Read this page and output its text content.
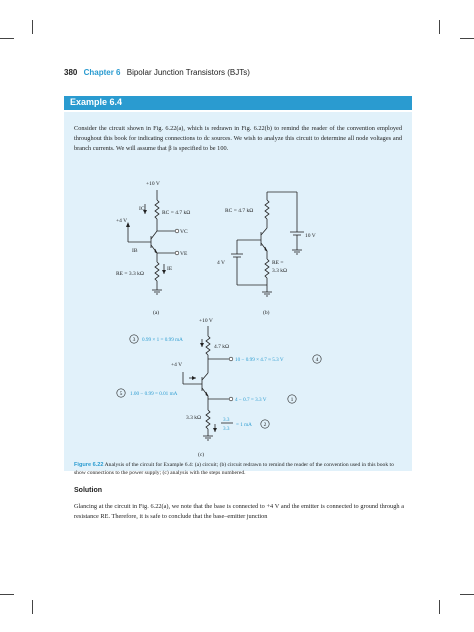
380 Chapter 6 Bipolar Junction Transistors (BJTs)
Example 6.4
Consider the circuit shown in Fig. 6.22(a), which is redrawn in Fig. 6.22(b) to remind the reader of the convention employed throughout this book for indicating connections to dc sources. We wish to analyze this circuit to determine all node voltages and branch currents. We will assume that β is specified to be 100.
+10 V
+4 V
IC
RC = 4.7 kΩ
VC
IB	VE
RE = 3.3 kΩ
IE
(a)
RC = 4.7 kΩ
10 V
4 V	RE =
3.3 kΩ
(b)
+10 V
4.7 kΩ
+4 V
3.3 kΩ
(c)
0.99 × 1 = 0.99 mA
10 − 0.99 × 4.7 ≈ 5.3 V
1.00 − 0.99 = 0.01 mA
4 − 0.7 = 3.3 V
3.3
3.3
= 1 mA
3
4
5
1
2
Figure 6.22 Analysis of the circuit for Example 6.4: (a) circuit; (b) circuit redrawn to remind the reader of the convention used in this book to show connections to the power supply; (c) analysis with the steps numbered.
Solution
Glancing at the circuit in Fig. 6.22(a), we note that the base is connected to +4 V and the emitter is connected to ground through a resistance RE. Therefore, it is safe to conclude that the base–emitter junction
